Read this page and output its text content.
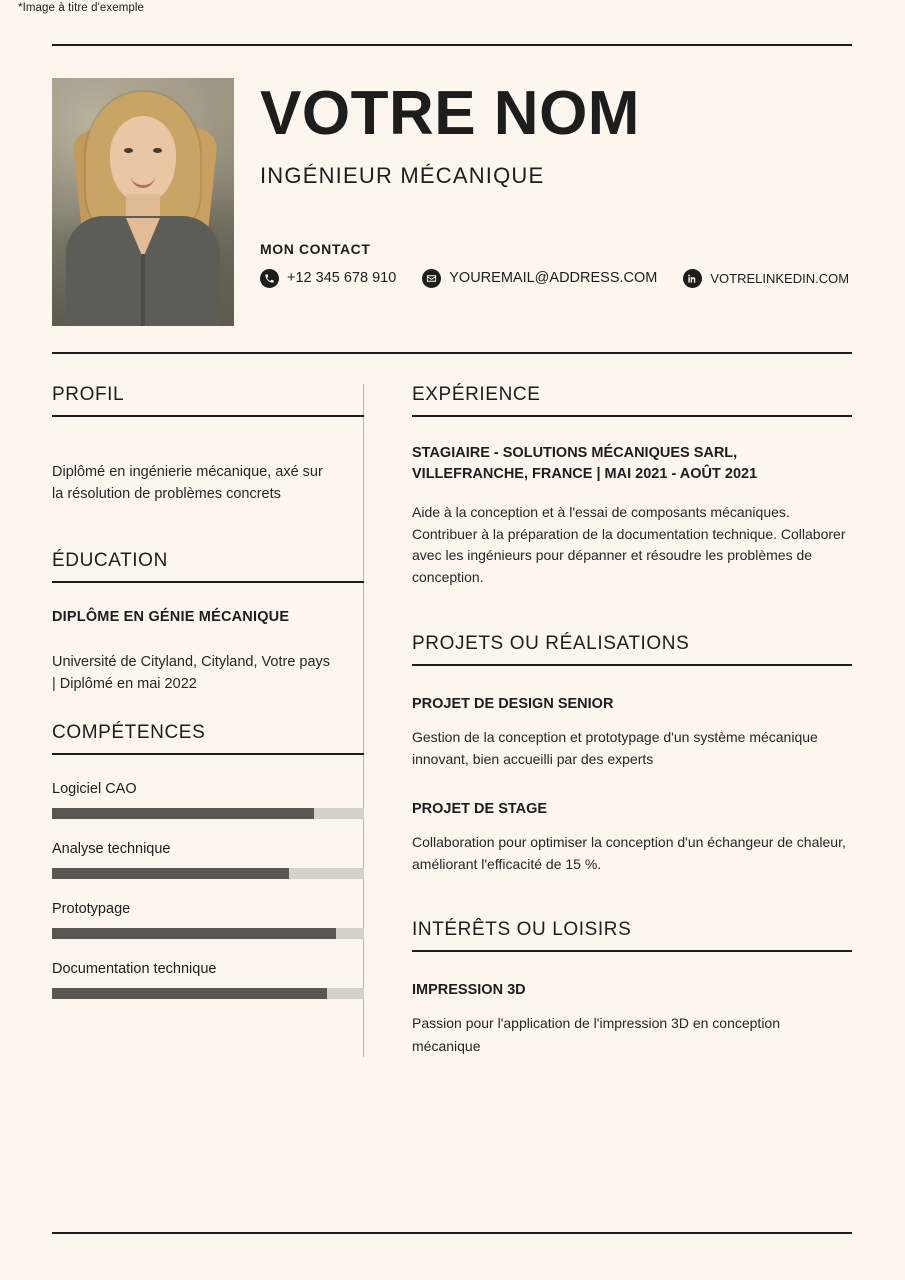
*Image à titre d'exemple
VOTRE NOM
INGÉNIEUR MÉCANIQUE
MON CONTACT
+12 345 678 910	YOUREMAIL@ADDRESS.COM	VOTRELINKEDIN.COM
PROFIL
Diplômé en ingénierie mécanique, axé sur la résolution de problèmes concrets
ÉDUCATION
DIPLÔME EN GÉNIE MÉCANIQUE
Université de Cityland, Cityland, Votre pays | Diplômé en mai 2022
COMPÉTENCES
Logiciel CAO
Analyse technique
Prototypage
Documentation technique
EXPÉRIENCE
STAGIAIRE - SOLUTIONS MÉCANIQUES SARL, VILLEFRANCHE, FRANCE | MAI 2021 - AOÛT 2021
Aide à la conception et à l'essai de composants mécaniques. Contribuer à la préparation de la documentation technique. Collaborer avec les ingénieurs pour dépanner et résoudre les problèmes de conception.
PROJETS OU RÉALISATIONS
PROJET DE DESIGN SENIOR
Gestion de la conception et prototypage d'un système mécanique innovant, bien accueilli par des experts
PROJET DE STAGE
Collaboration pour optimiser la conception d'un échangeur de chaleur, améliorant l'efficacité de 15 %.
INTÉRÊTS OU LOISIRS
IMPRESSION 3D
Passion pour l'application de l'impression 3D en conception mécanique
